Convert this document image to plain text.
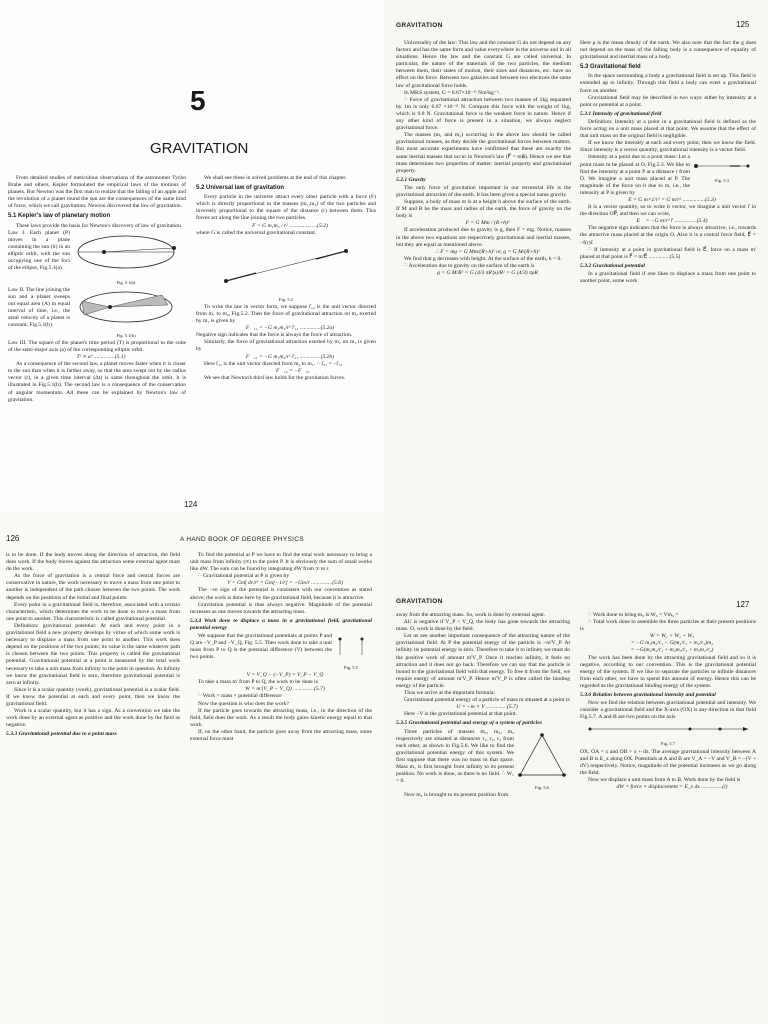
5
GRAVITATION

From detailed studies of meticulous observations of the astronomer Tycho Brahe and others, Kepler formulated the empirical laws of the motions of planets. But Newton was the first man to realize that the falling of an apple and the revolution of a planet round the sun are the consequences of the same kind of force, which we call gravitation. Newton discovered the law of gravitation.

5.1 Kepler's law of planetary motion

These laws provide the basis for Newton's discovery of law of gravitation.

Law I. Each planet (P) moves in a plane containing the sun (S) in an elliptic orbit, with the sun occupying one of the foci of the ellipse, Fig.5.1(a).

Fig. 5.1(a)

Law II. The line joining the sun and a planet sweeps out equal area (A) in equal interval of time, i.e., the areal velocity of a planet is constant, Fig.5.1(b).

Fig. 5.1(b)

Law III. The square of the planet's time period (T) is proportional to the cube of the semi-major axis (a) of the corresponding elliptic orbit.

T² ∝ a³ ...............(5.1)

As a consequence of the second law, a planet moves faster when it is closer to the sun than when it is farther away, so that the area swept out by the radius vector (r), in a given time interval (Δt) is same throughout the orbit. It is illustrated in Fig.5.1(b). The second law is a consequence of the conservation of angular momentum. All these can be explained by Newton's law of gravitation.

We shall see these in solved problems at the end of this chapter.

5.2 Universal law of gravitation

Every particle in the universe attract every other particle with a force (F) which is directly proportional to the masses (m₁,m₂) of the two particles and inversely proportional to the square of the distance (r) between them. This forces act along the line joining the two particles.

F = G m₁m₂ / r² ....................(5.2)

where G is called the universal gravitational constant.

Fig. 5.2

To write the law in vector form, we suppose r̂₁₂ is the unit vector directed from m₁ to m₂, Fig.5.2. Then the force of gravitational attraction on m₂ exerted by m₁ is given by

F⃗₁₂ = −G m₁m₂/r² r̂₁₂ ...............(5.2a)

Negative sign indicates that the force is always the force of attraction.

Similarly, the force of gravitational attraction exerted by m₂ on m₁ is given by

F⃗₂₁ = −G m₁m₂/r² r̂₂₁ ...............(5.2b)

Here r̂₂₁ is the unit vector directed from m₂ to m₁. ∴ r̂₂₁ = −r̂₁₂

∴ F⃗₁₂ = −F⃗₂₁

We see that Newton's third law holds for the gravitation forces.

124
GRAVITATION	125

Universality of the law: This law and the constant G do not depend on any factors and has the same form and value everywhere in the universe and in all situations. Hence the law and the constant G are called universal. In particular, the nature of the materials of the two particles, the medium between them, their states of motion, their sizes and distances, etc. have no effect on the force. Between two galaxies and between two electrons the same law of gravitational force holds.

In MKS system, G = 6.67×10⁻¹¹ Nm²kg⁻².

∴ Force of gravitational attraction between two masses of 1kg separated by 1m is only 6.67 ×10⁻¹¹ N. Compare this force with the weight of 1kg, which is 9.8 N. Gravitational force is the weakest force in nature. Hence if any other kind of force is present in a situation, we always neglect gravitational force.

The masses (m₁ and m₂) occurring in the above law should be called gravitational masses, as they decide the gravitational forces between matters. But most accurate experiments have confirmed that these are exactly the same inertial masses that occur in Newton's law (F⃗ = ma⃗). Hence we see that mass determines two properties of matter: inertial property and gravitational property.

5.2.1 Gravity

The only force of gravitation important in our terrestrial life is the gravitational attraction of the earth. It has been given a special name gravity.

Suppose, a body of mass m is at a height h above the surface of the earth. If M and R be the mass and radius of the earth, the force of gravity on the body is

F = G Mm / (R+h)²

If acceleration produced due to gravity is g, then F = mg. Notice, masses in the above two equations are respectively gravitational and inertial masses, but they are equal as mentioned above.

∴ F = mg = G Mm/(R+h)² or, g = G M/(R+h)²

We find that g decreases with height. At the surface of the earth, h = 0.

∴ Acceleration due to gravity on the surface of the earth is

g = G M/R² = G (4/3 πR³ρ)/R² = G (4/3) πρR

Here ρ is the mean density of the earth. We also note that the fact the g does not depend on the mass of the falling body is a consequence of equality of gravitational and inertial mass of a body.

5.3 Gravitational field

In the space surrounding a body a gravitational field is set up. This field is extended up to infinity. Through this field a body can exert a gravitational force on another.

Gravitational field may be described in two ways: either by intensity at a point or potential at a point.

5.3.1 Intensity of gravitational field

Definition: Intensity at a point in a gravitational field is defined as the force acting on a unit mass placed at that point. We assume that the effect of that unit mass on the original field is negligible.

If we know the intensity at each and every point, then we know the field. Since intensity is a vector quantity, gravitational intensity is a vector field.

Intensity at a point due to a point mass: Let a point mass m be placed at O, Fig.5.3. We like to find the intensity at a point P at a distance r from O. We imagine a unit mass placed at P. The magnitude of the force on it due to m, i.e., the intensity at P is given by

Fig. 5.3

E = G m×1/r² = G m/r² ................(5.3)

It is a vector quantity, so to write it vector, we imagine a unit vector r̂ in the direction OP⃗, and then we can write,

E⃗ = −G m/r² r̂ ................(5.4)

The negative sign indicates that the force is always attractive, i.e., towards the attractive mass placed at the origin O. Also it is a central force field, E⃗ = −f(r)r̂.

∴ If intensity at a point in gravitational field is E⃗, force on a mass m' placed at that point is F⃗ = m'E⃗ ...............(5.5)

5.3.2 Gravitational potential

In a gravitational field if one likes to displace a mass from one point to another point, some work

126	A HAND BOOK OF DEGREE PHYSICS

is to be done. If the body moves along the direction of attraction, the field does work. If the body moves against the attraction some external agent must do the work.

As the force of gravitation is a central force and central forces are conservative in nature, the work necessary to move a mass from one point to another is independent of the path chosen between the two points. The work depends on the positions of the initial and final points.

Every point in a gravitational field is, therefore, associated with a certain characteristic, which determines the work to be done to move a mass from one point to another. This characteristic is called gravitational potential.

Definition: gravitational potential: At each and every point in a gravitational field a new property develops by virtue of which some work is necessary to displace a mass from one point to another. This work does depend on the positions of the two points; its value is the same whatever path is chosen between the two points. This property is called the gravitational potential. Gravitational potential at a point is measured by the total work necessary to take a unit mass from infinity to the point in question. At infinity we know the gravitational field is zero, therefore gravitational potential is zero at infinity.

Since it is a scalar quantity (work), gravitational potential is a scalar field. If we know the potential at each and every point, then we know the gravitational field.

Work is a scalar quantity, but it has a sign. As a convention we take the work done by an external agent as positive and the work done by the field as negative.

5.3.3 Gravitational potential due to a point mass

To find the potential at P we have to find the total work necessary to bring a unit mass from infinity (∞) to the point P. It is obviously the sum of small works like dW. The sum can be found by integrating dW from ∞ to r.

∴ Gravitational potential at P is given by

V = Gm∫ dr/r² = Gm[−1/r] = −Gm/r ...............(5.6)

The −ve sign of the potential is consistent with our convention as stated above; the work is done here by the gravitational field, because it is attractive.

Gravitation potential is thus always negative. Magnitude of the potential increases as one moves towards the attracting mass.

5.3.4 Work done to displace a mass in a gravitational field, gravitational potential energy

We suppose that the gravitational potentials at points P and Q are −V_P and −V_Q, Fig. 5.5. Then work done to take a unit mass from P to Q is the potential difference (V) between the two points.

Fig. 5.5

V = V_Q − (−V_P) = V_P − V_Q

To take a mass m' from P to Q, the work to be done is

W = m'(V_P − V_Q) ...............(5.7)

∴ Work = mass × potential difference

Now the question is who does the work?

If the particle goes towards the attracting mass, i.e., in the direction of the field, field does the work. As a result the body gains kinetic energy equal to that work.

If, on the other hand, the particle goes away from the attracting mass, some external force must

GRAVITATION	127

away from the attracting mass. So, work is done by external agent.

ΔU is negative if V_P < V_Q, the body has gone towards the attracting mass. O, work is done by the field.

Let us see another important consequence of the attracting nature of the gravitational field. At P the potential energy of the particle is −m'V_P. At infinity its potential energy is zero. Therefore to take it to infinity we must do the positive work of amount m'V_P. Once it reaches infinity, it feels no attraction and it does not go back. Therefore we can say that the particle is bound to the gravitational field with that energy. To free it from the field, we require energy of amount m'V_P. Hence m'V_P is often called the binding energy of the particle.

Thus we arrive at the important formula:

Gravitational potential energy of a particle of mass m situated at a point is

U = −m × V ...............(5.7)

Here −V is the gravitational potential at that point.

5.3.5 Gravitational potential and energy of a system of particles

Three particles of masses m₁, m₂, m₃ respectively are situated at distances r₁, r₂, r₃ from each other, as shown in Fig.5.6. We like to find the gravitational potential energy of this system. We first suppose that there was no mass in that space. Mass m₁ is first brought from infinity to its present position. No work is done, as there is no field. ∴ W₁ = 0.

Fig. 5.6

Now m₂ is brought to its present position from

∴ Work done to bring m₃ is W₃ = Vm₃ =

∴ Total work done to assemble the three particles at their present positions is

W = W₁ + W₂ + W₃

= −G m₁m₂/r₁ − G(m₁/r₂ + m₂/r₃)m₃

= −G(m₁m₂/r₁ + m₂m₃/r₃ + m₃m₁/r₂)

The work has been done by the attracting gravitational field and so it is negative, according to our convention. This is the gravitational potential energy of the system. If we like to separate the particles to infinite distances from each other, we have to spend this amount of energy. Hence this can be regarded as the gravitational binding energy of the system.

5.3.6 Relation between gravitational intensity and potential

Now we find the relation between gravitational potential and intensity. We consider a gravitational field and the X-axis (OX) is any direction in that field Fig.5.7. A and B are two points on the axis

Fig. 5.7

OX, OA = x and OB = x + dx. The average gravitational intensity between A and B is E_x along OX. Potentials at A and B are V_A = −V and V_B = −(V + dV) respectively. Notice, magnitude of the potential increases as we go along the field.

Now we displace a unit mass from A to B. Work done by the field is

dW = force × displacement = E_x dx ...............(i)
